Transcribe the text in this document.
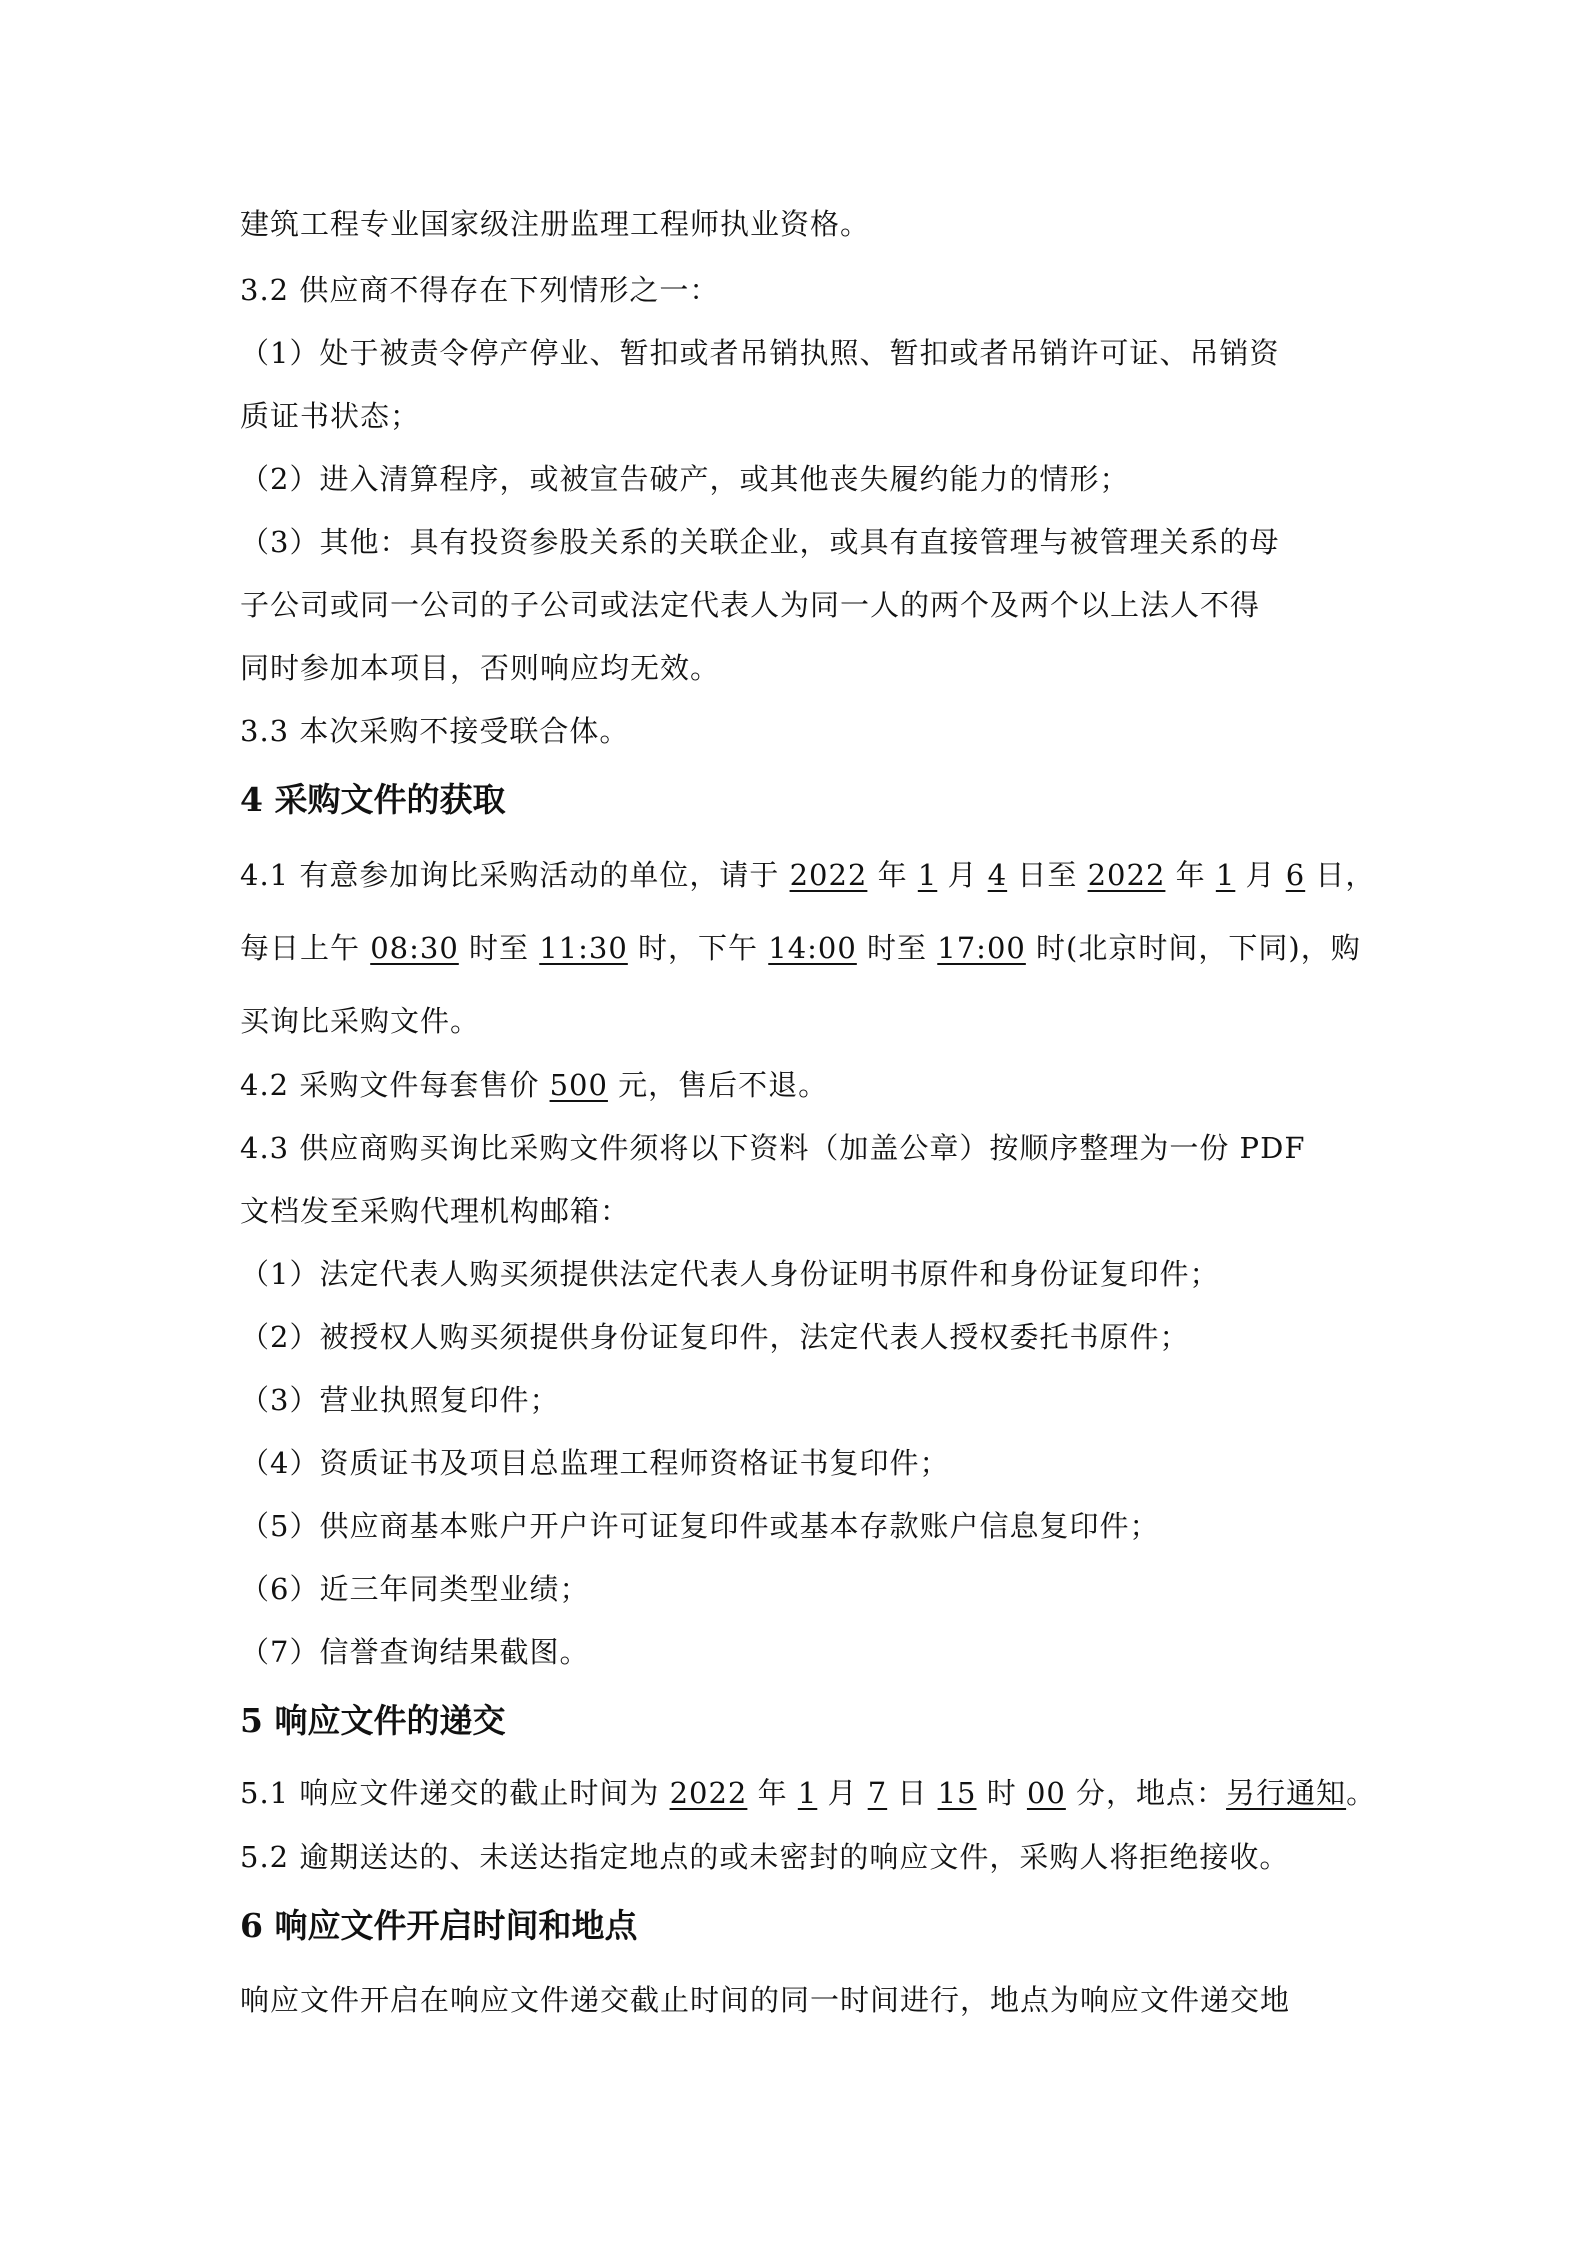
建筑工程专业国家级注册监理工程师执业资格。
3.2 供应商不得存在下列情形之一：
（1）处于被责令停产停业、暂扣或者吊销执照、暂扣或者吊销许可证、吊销资
质证书状态；
（2）进入清算程序，或被宣告破产，或其他丧失履约能力的情形；
（3）其他：具有投资参股关系的关联企业，或具有直接管理与被管理关系的母
子公司或同一公司的子公司或法定代表人为同一人的两个及两个以上法人不得
同时参加本项目，否则响应均无效。
3.3 本次采购不接受联合体。
4 采购文件的获取
4.1 有意参加询比采购活动的单位，请于 2022 年 1 月 4 日至 2022 年 1 月 6 日，
每日上午 08:30 时至 11:30 时，下午 14:00 时至 17:00 时(北京时间，下同)，购
买询比采购文件。
4.2 采购文件每套售价 500 元，售后不退。
4.3 供应商购买询比采购文件须将以下资料（加盖公章）按顺序整理为一份 PDF
文档发至采购代理机构邮箱：
（1）法定代表人购买须提供法定代表人身份证明书原件和身份证复印件；
（2）被授权人购买须提供身份证复印件，法定代表人授权委托书原件；
（3）营业执照复印件；
（4）资质证书及项目总监理工程师资格证书复印件；
（5）供应商基本账户开户许可证复印件或基本存款账户信息复印件；
（6）近三年同类型业绩；
（7）信誉查询结果截图。
5 响应文件的递交
5.1 响应文件递交的截止时间为 2022 年 1 月 7 日 15 时 00 分，地点：另行通知。
5.2 逾期送达的、未送达指定地点的或未密封的响应文件，采购人将拒绝接收。
6 响应文件开启时间和地点
响应文件开启在响应文件递交截止时间的同一时间进行，地点为响应文件递交地
